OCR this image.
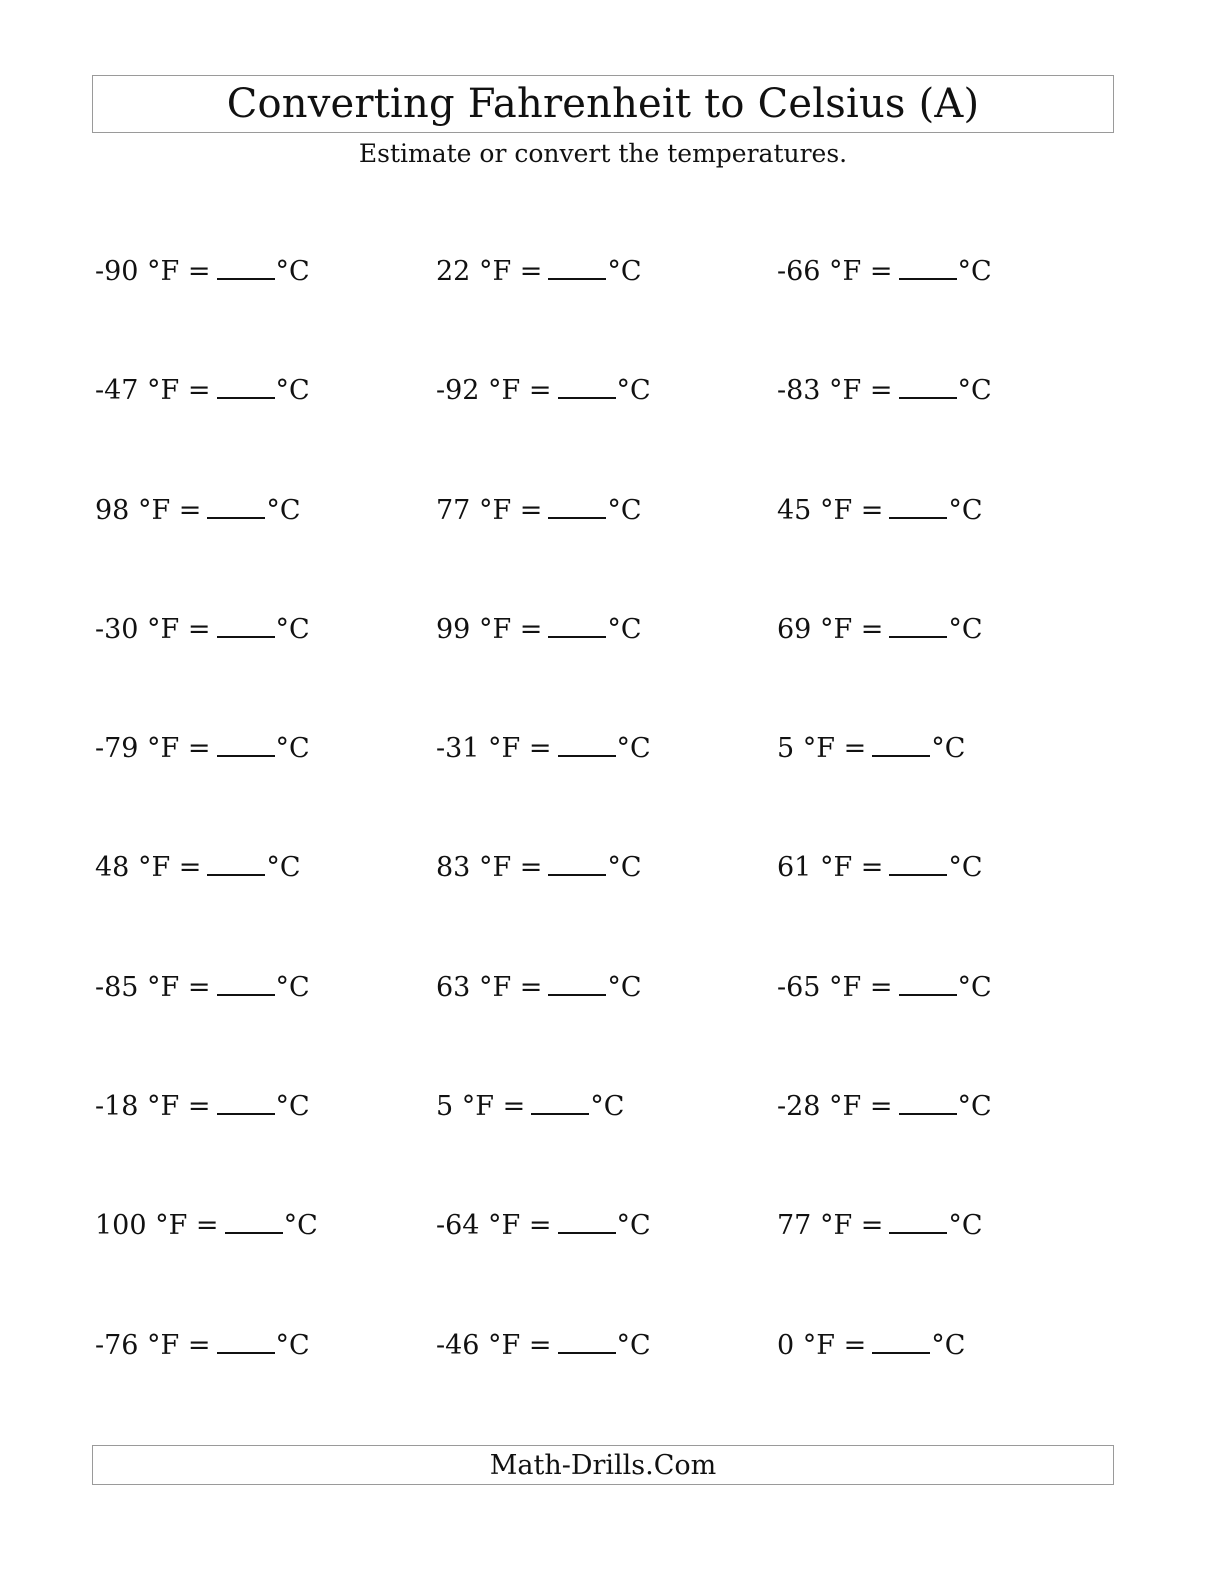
Converting Fahrenheit to Celsius (A)
Estimate or convert the temperatures.
-90 °F = °C	22 °F = °C	-66 °F = °C
-47 °F = °C	-92 °F = °C	-83 °F = °C
98 °F = °C	77 °F = °C	45 °F = °C
-30 °F = °C	99 °F = °C	69 °F = °C
-79 °F = °C	-31 °F = °C	5 °F = °C
48 °F = °C	83 °F = °C	61 °F = °C
-85 °F = °C	63 °F = °C	-65 °F = °C
-18 °F = °C	5 °F = °C	-28 °F = °C
100 °F = °C	-64 °F = °C	77 °F = °C
-76 °F = °C	-46 °F = °C	0 °F = °C
Math-Drills.Com
